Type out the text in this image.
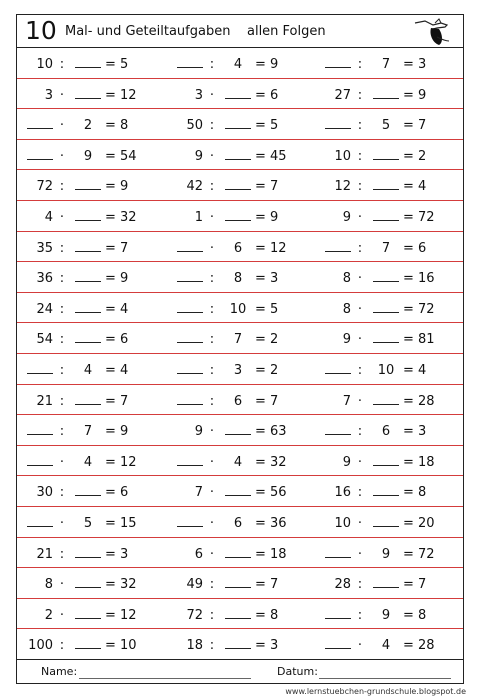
10 Mal- und Geteiltaufgaben    allen Folgen
10 :	= 5	: 4 = 9	: 7 = 3
3 ·	= 12	3 ·	= 6	27 :	= 9
· 2 = 8	50 :	= 5	: 5 = 7
· 9 = 54	9 ·	= 45	10 :	= 2
72 :	= 9	42 :	= 7	12 :	= 4
4 ·	= 32	1 ·	= 9	9 ·	= 72
35 :	= 7	· 6 = 12	: 7 = 6
36 :	= 9	: 8 = 3	8 ·	= 16
24 :	= 4	: 10 = 5	8 ·	= 72
54 :	= 6	: 7 = 2	9 ·	= 81
: 4 = 4	: 3 = 2	: 10 = 4
21 :	= 7	: 6 = 7	7 ·	= 28
: 7 = 9	9 ·	= 63	: 6 = 3
· 4 = 12	· 4 = 32	9 ·	= 18
30 :	= 6	7 ·	= 56	16 :	= 8
· 5 = 15	· 6 = 36	10 ·	= 20
21 :	= 3	6 ·	= 18	· 9 = 72
8 ·	= 32	49 :	= 7	28 :	= 7
2 ·	= 12	72 :	= 8	: 9 = 8
100 :	= 10	18 :	= 3	· 4 = 28
Name:	Datum:
www.lernstuebchen-grundschule.blogspot.de
